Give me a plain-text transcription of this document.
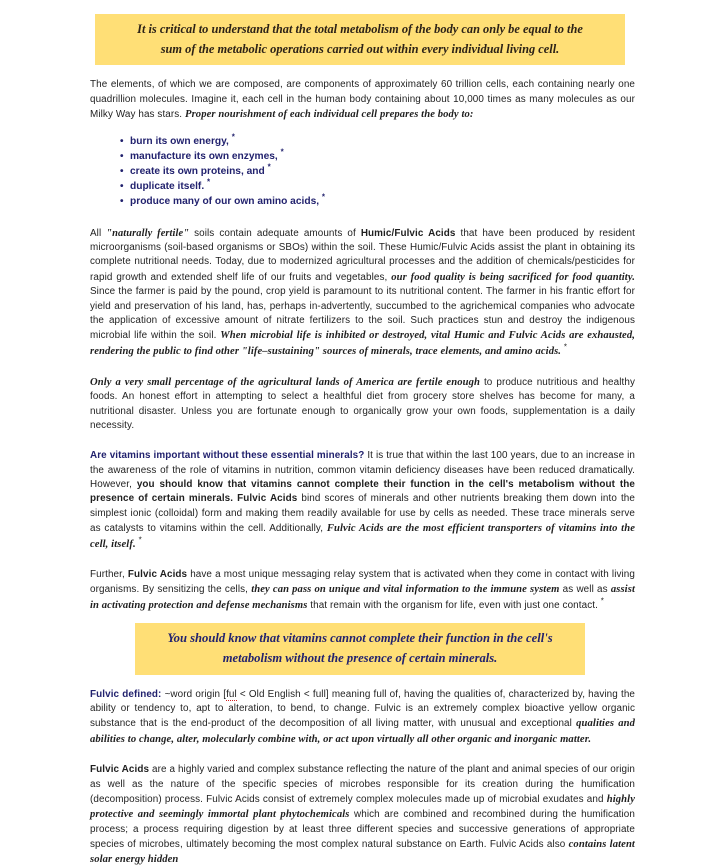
It is critical to understand that the total metabolism of the body can only be equal to the
sum of the metabolic operations carried out within every individual living cell.

The elements, of which we are composed, are components of approximately 60 trillion cells, each containing nearly one quadrillion molecules. Imagine it, each cell in the human body containing about 10,000 times as many molecules as our Milky Way has stars. Proper nourishment of each individual cell prepares the body to:

• burn its own energy, *
• manufacture its own enzymes, *
• create its own proteins, and *
• duplicate itself. *
• produce many of our own amino acids, *

All "naturally fertile" soils contain adequate amounts of Humic/Fulvic Acids that have been produced by resident microorganisms (soil-based organisms or SBOs) within the soil. These Humic/Fulvic Acids assist the plant in obtaining its complete nutritional needs. Today, due to modernized agricultural processes and the addition of chemicals/pesticides for rapid growth and extended shelf life of our fruits and vegetables, our food quality is being sacrificed for food quantity. Since the farmer is paid by the pound, crop yield is paramount to its nutritional content. The farmer in his frantic effort for yield and preservation of his land, has, perhaps in-advertently, succumbed to the agrichemical companies who advocate the application of excessive amount of nitrate fertilizers to the soil. Such practices stun and destroy the indigenous microbial life within the soil. When microbial life is inhibited or destroyed, vital Humic and Fulvic Acids are exhausted, rendering the public to find other "life–sustaining" sources of minerals, trace elements, and amino acids. *

Only a very small percentage of the agricultural lands of America are fertile enough to produce nutritious and healthy foods. An honest effort in attempting to select a healthful diet from grocery store shelves has become for many, a nutritional disaster. Unless you are fortunate enough to organically grow your own foods, supplementation is a daily necessity.

Are vitamins important without these essential minerals? It is true that within the last 100 years, due to an increase in the awareness of the role of vitamins in nutrition, common vitamin deficiency diseases have been reduced dramatically. However, you should know that vitamins cannot complete their function in the cell's metabolism without the presence of certain minerals. Fulvic Acids bind scores of minerals and other nutrients breaking them down into the simplest ionic (colloidal) form and making them readily available for use by cells as needed. These trace minerals serve as catalysts to vitamins within the cell. Additionally, Fulvic Acids are the most efficient transporters of vitamins into the cell, itself. *

Further, Fulvic Acids have a most unique messaging relay system that is activated when they come in contact with living organisms. By sensitizing the cells, they can pass on unique and vital information to the immune system as well as assist in activating protection and defense mechanisms that remain with the organism for life, even with just one contact. *

You should know that vitamins cannot complete their function in the cell's
metabolism without the presence of certain minerals.

Fulvic defined: ~word origin [ful < Old English < full] meaning full of, having the qualities of, characterized by, having the ability or tendency to, apt to alteration, to bend, to change. Fulvic is an extremely complex bioactive yellow organic substance that is the end-product of the decomposition of all living matter, with unusual and exceptional qualities and abilities to change, alter, molecularly combine with, or act upon virtually all other organic and inorganic matter.

Fulvic Acids are a highly varied and complex substance reflecting the nature of the plant and animal species of our origin as well as the nature of the specific species of microbes responsible for its creation during the humification (decomposition) process. Fulvic Acids consist of extremely complex molecules made up of microbial exudates and highly protective and seemingly immortal plant phytochemicals which are combined and recombined during the humification process; a process requiring digestion by at least three different species and successive generations of appropriate species of microbes, ultimately becoming the most complex natural substance on Earth. Fulvic Acids also contains latent solar energy hidden
